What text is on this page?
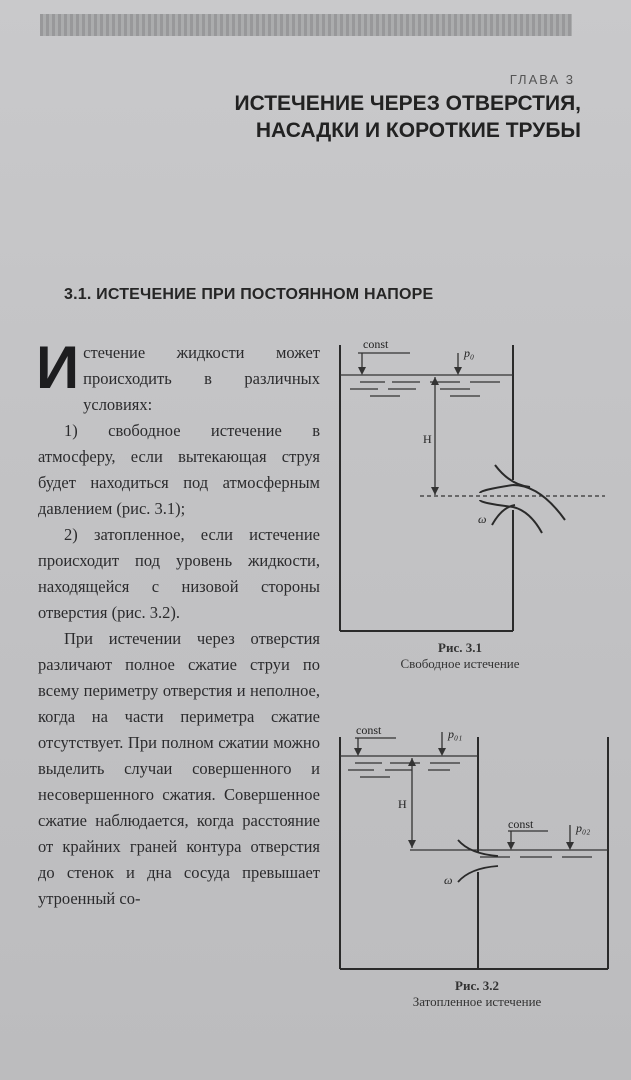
ГЛАВА 3
ИСТЕЧЕНИЕ ЧЕРЕЗ ОТВЕРСТИЯ,
НАСАДКИ И КОРОТКИЕ ТРУБЫ
3.1. ИСТЕЧЕНИЕ ПРИ ПОСТОЯННОМ НАПОРЕ

Истечение жидкости может происходить в различных условиях:

1) свободное истечение в атмосферу, если вытекающая струя будет находиться под атмосферным давлением (рис. 3.1);

2) затопленное, если истечение происходит под уровень жидкости, находящейся с низовой стороны отверстия (рис. 3.2).

При истечении через отверстия различают полное сжатие струи по всему периметру отверстия и неполное, когда на части периметра сжатие отсутствует. При полном сжатии можно выделить случаи совершенного и несовершенного сжатия. Совершенное сжатие наблюдается, когда расстояние от крайних граней контура отверстия до стенок и дна сосуда превышает утроенный со-

const
p₀
H
ω
Рис. 3.1
Свободное истечение
const	p₀₁
H
const	p₀₂
ω
Рис. 3.2
Затопленное истечение
